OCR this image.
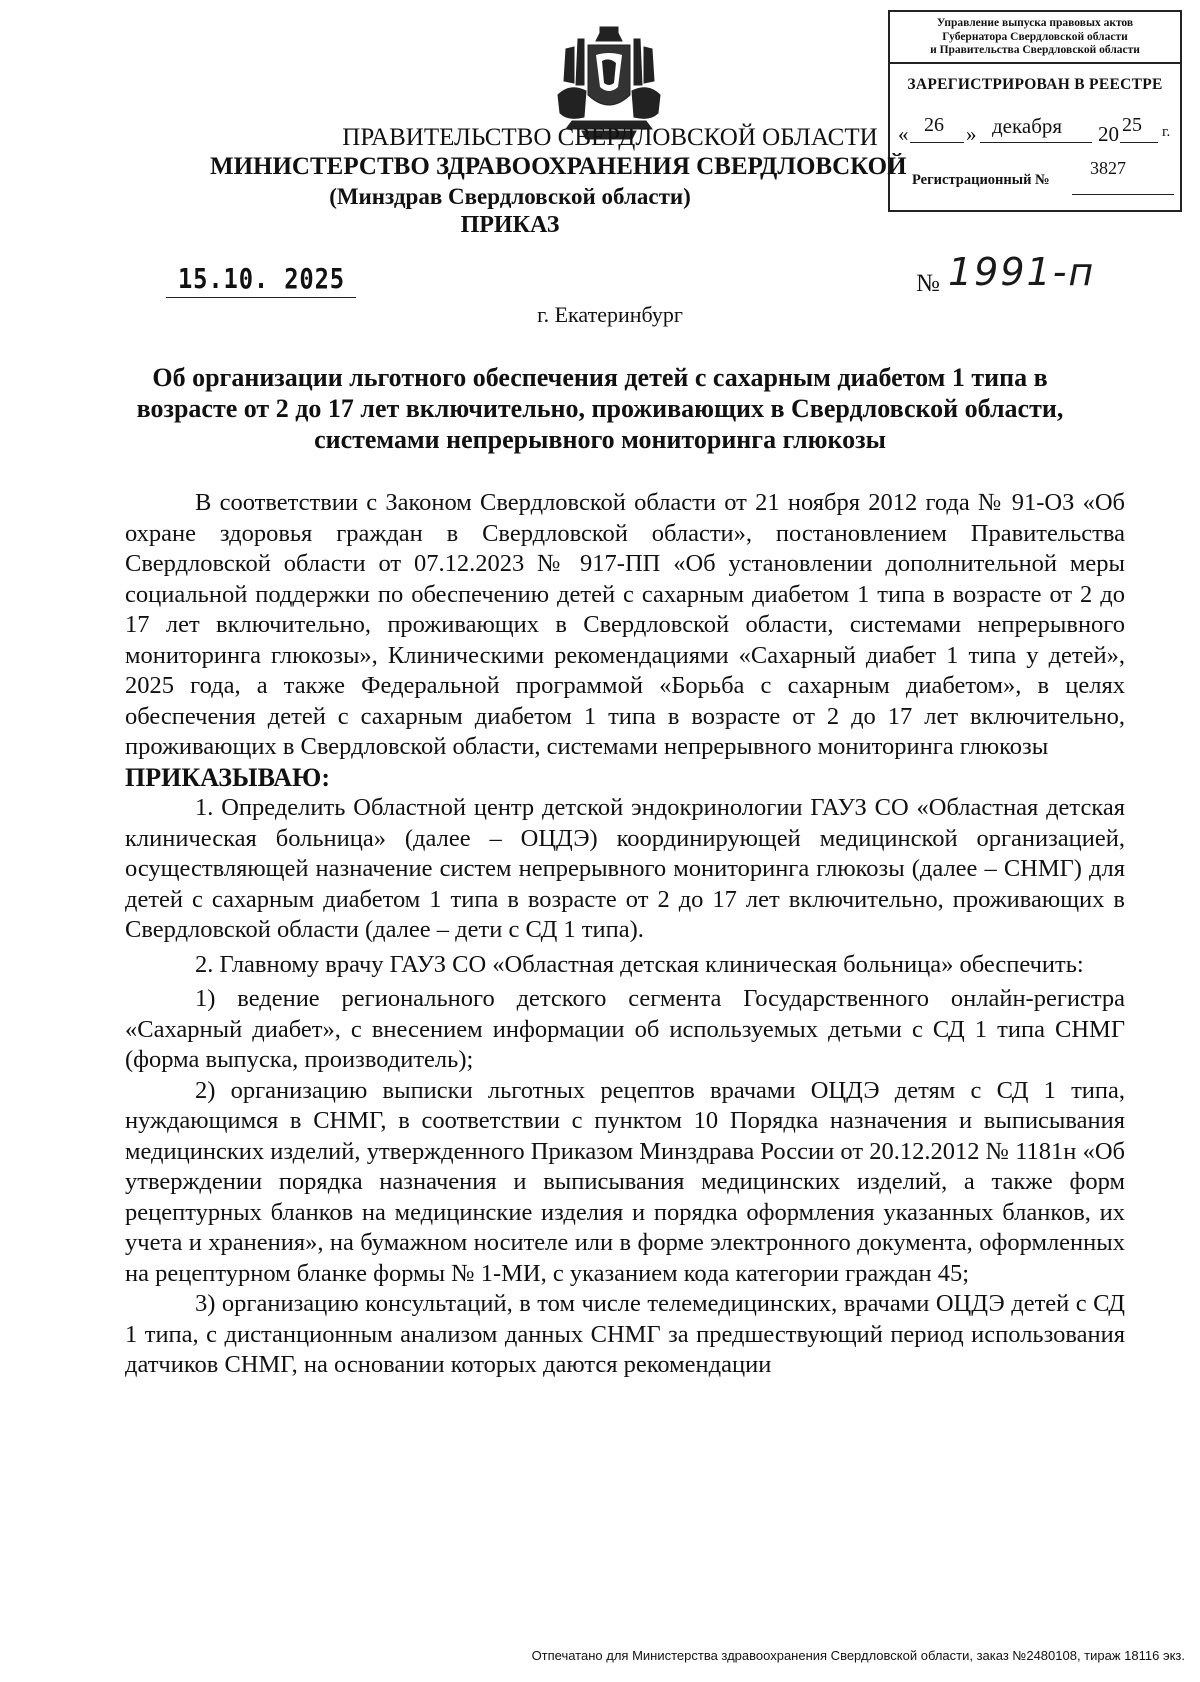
Управление выпуска правовых актов
Губернатора Свердловской области
и Правительства Свердловской области
ЗАРЕГИСТРИРОВАН В РЕЕСТРЕ
« 26 » декабря 20 25 г.
Регистрационный №
3827
ПРАВИТЕЛЬСТВО СВЕРДЛОВСКОЙ ОБЛАСТИ
МИНИСТЕРСТВО ЗДРАВООХРАНЕНИЯ СВЕРДЛОВСКОЙ
(Минздрав Свердловской области)
ПРИКАЗ
15.10. 2025	№ 1991-п
г. Екатеринбург
Об организации льготного обеспечения детей с сахарным диабетом 1 типа в возрасте от 2 до 17 лет включительно, проживающих в Свердловской области, системами непрерывного мониторинга глюкозы

В соответствии с Законом Свердловской области от 21 ноября 2012 года № 91-ОЗ «Об охране здоровья граждан в Свердловской области», постановлением Правительства Свердловской области от 07.12.2023 № 917-ПП «Об установлении дополнительной меры социальной поддержки по обеспечению детей с сахарным диабетом 1 типа в возрасте от 2 до 17 лет включительно, проживающих в Свердловской области, системами непрерывного мониторинга глюкозы», Клиническими рекомендациями «Сахарный диабет 1 типа у детей», 2025 года, а также Федеральной программой «Борьба с сахарным диабетом», в целях обеспечения детей с сахарным диабетом 1 типа в возрасте от 2 до 17 лет включительно, проживающих в Свердловской области, системами непрерывного мониторинга глюкозы

ПРИКАЗЫВАЮ:

1. Определить Областной центр детской эндокринологии ГАУЗ СО «Областная детская клиническая больница» (далее – ОЦДЭ) координирующей медицинской организацией, осуществляющей назначение систем непрерывного мониторинга глюкозы (далее – СНМГ) для детей с сахарным диабетом 1 типа в возрасте от 2 до 17 лет включительно, проживающих в Свердловской области (далее – дети с СД 1 типа).

2. Главному врачу ГАУЗ СО «Областная детская клиническая больница» обеспечить:

1) ведение регионального детского сегмента Государственного онлайн-регистра «Сахарный диабет», с внесением информации об используемых детьми с СД 1 типа СНМГ (форма выпуска, производитель);

2) организацию выписки льготных рецептов врачами ОЦДЭ детям с СД 1 типа, нуждающимся в СНМГ, в соответствии с пунктом 10 Порядка назначения и выписывания медицинских изделий, утвержденного Приказом Минздрава России от 20.12.2012 № 1181н «Об утверждении порядка назначения и выписывания медицинских изделий, а также форм рецептурных бланков на медицинские изделия и порядка оформления указанных бланков, их учета и хранения», на бумажном носителе или в форме электронного документа, оформленных на рецептурном бланке формы № 1-МИ, с указанием кода категории граждан 45;

3) организацию консультаций, в том числе телемедицинских, врачами ОЦДЭ детей с СД 1 типа, с дистанционным анализом данных СНМГ за предшествующий период использования датчиков СНМГ, на основании которых даются рекомендации

Отпечатано для Министерства здравоохранения Свердловской области, заказ №2480108, тираж 18116 экз.
